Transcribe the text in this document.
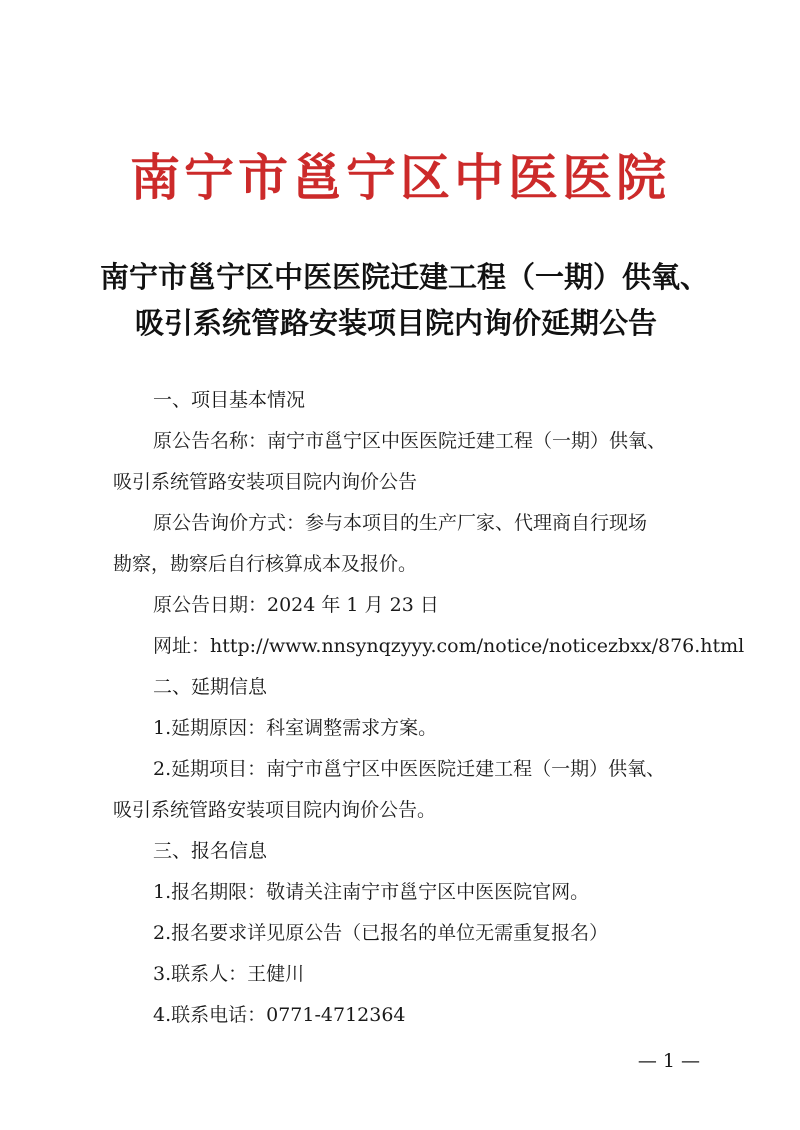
南宁市邕宁区中医医院
南宁市邕宁区中医医院迁建工程（一期）供氧、
吸引系统管路安装项目院内询价延期公告
一、项目基本情况
原公告名称：南宁市邕宁区中医医院迁建工程（一期）供氧、
吸引系统管路安装项目院内询价公告
原公告询价方式：参与本项目的生产厂家、代理商自行现场
勘察，勘察后自行核算成本及报价。
原公告日期：2024 年 1 月 23 日
网址：http://www.nnsynqzyyy.com/notice/noticezbxx/876.html
二、延期信息
1.延期原因：科室调整需求方案。
2.延期项目：南宁市邕宁区中医医院迁建工程（一期）供氧、
吸引系统管路安装项目院内询价公告。
三、报名信息
1.报名期限：敬请关注南宁市邕宁区中医医院官网。
2.报名要求详见原公告（已报名的单位无需重复报名）
3.联系人：王健川
4.联系电话：0771-4712364
— 1 —
